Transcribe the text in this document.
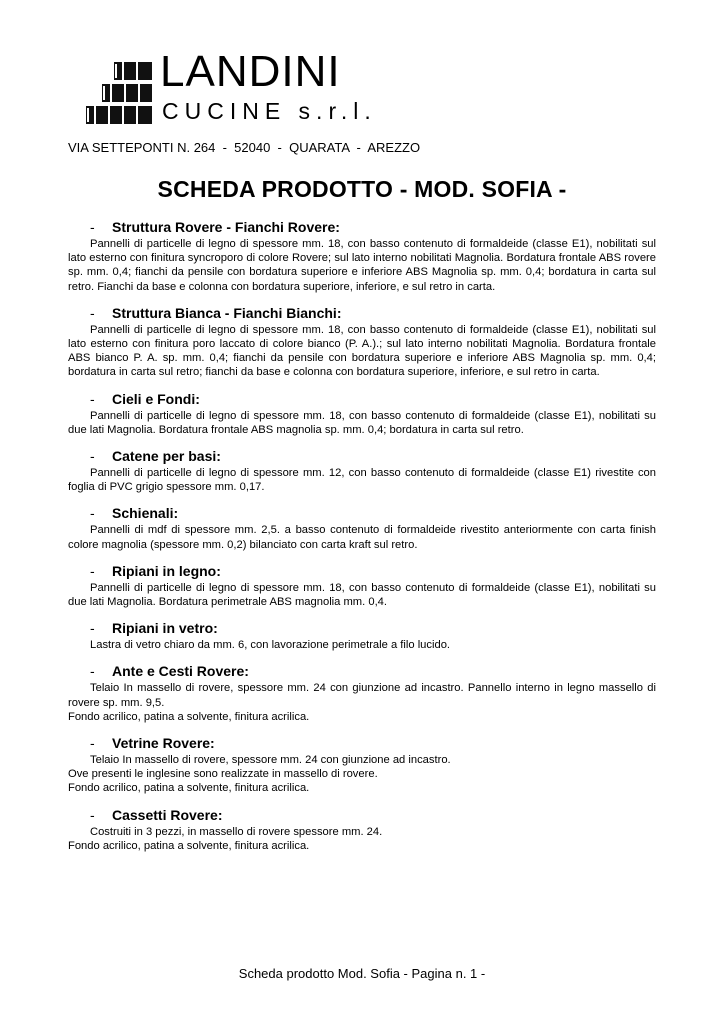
LANDINI
CUCINE s.r.l.
VIA SETTEPONTI N. 264  -  52040  -  QUARATA  -  AREZZO
SCHEDA PRODOTTO - MOD. SOFIA -
- Struttura Rovere - Fianchi Rovere:
Pannelli di particelle di legno di spessore mm. 18, con basso contenuto di formaldeide (classe E1), nobilitati sul lato esterno con finitura syncroporo di colore Rovere; sul lato interno nobilitati Magnolia. Bordatura frontale ABS rovere sp. mm. 0,4; fianchi da pensile con bordatura superiore e inferiore ABS Magnolia sp. mm. 0,4; bordatura in carta sul retro. Fianchi da base e colonna con bordatura superiore, inferiore, e sul retro in carta.
- Struttura Bianca - Fianchi Bianchi:
Pannelli di particelle di legno di spessore mm. 18, con basso contenuto di formaldeide (classe E1), nobilitati sul lato esterno con finitura poro laccato di colore bianco (P. A.).; sul lato interno nobilitati Magnolia. Bordatura frontale ABS bianco P. A. sp. mm. 0,4; fianchi da pensile con bordatura superiore e inferiore ABS Magnolia sp. mm. 0,4; bordatura in carta sul retro; fianchi da base e colonna con bordatura superiore, inferiore, e sul retro in carta.
- Cieli e Fondi:
Pannelli di particelle di legno di spessore mm. 18, con basso contenuto di formaldeide (classe E1), nobilitati su due lati Magnolia. Bordatura frontale ABS magnolia sp. mm. 0,4; bordatura in carta sul retro.
- Catene per basi:
Pannelli di particelle di legno di spessore mm. 12, con basso contenuto di formaldeide (classe E1) rivestite con foglia di PVC grigio spessore mm. 0,17.
- Schienali:
Pannelli di mdf di spessore mm. 2,5. a basso contenuto di formaldeide rivestito anteriormente con carta finish colore magnolia (spessore mm. 0,2) bilanciato con carta kraft sul retro.
- Ripiani in legno:
Pannelli di particelle di legno di spessore mm. 18, con basso contenuto di formaldeide (classe E1), nobilitati su due lati Magnolia. Bordatura perimetrale ABS magnolia mm. 0,4.
- Ripiani in vetro:
Lastra di vetro chiaro da mm. 6, con lavorazione perimetrale a filo lucido.
- Ante e Cesti Rovere:
Telaio In massello di rovere, spessore mm. 24 con giunzione ad incastro. Pannello interno in legno massello di rovere sp. mm. 9,5.
Fondo acrilico, patina a solvente, finitura acrilica.
- Vetrine Rovere:
Telaio In massello di rovere, spessore mm. 24 con giunzione ad incastro.
Ove presenti le inglesine sono realizzate in massello di rovere.
Fondo acrilico, patina a solvente, finitura acrilica.
- Cassetti Rovere:
Costruiti in 3 pezzi, in massello di rovere spessore mm. 24.
Fondo acrilico, patina a solvente, finitura acrilica.
Scheda prodotto Mod. Sofia - Pagina n. 1 -
